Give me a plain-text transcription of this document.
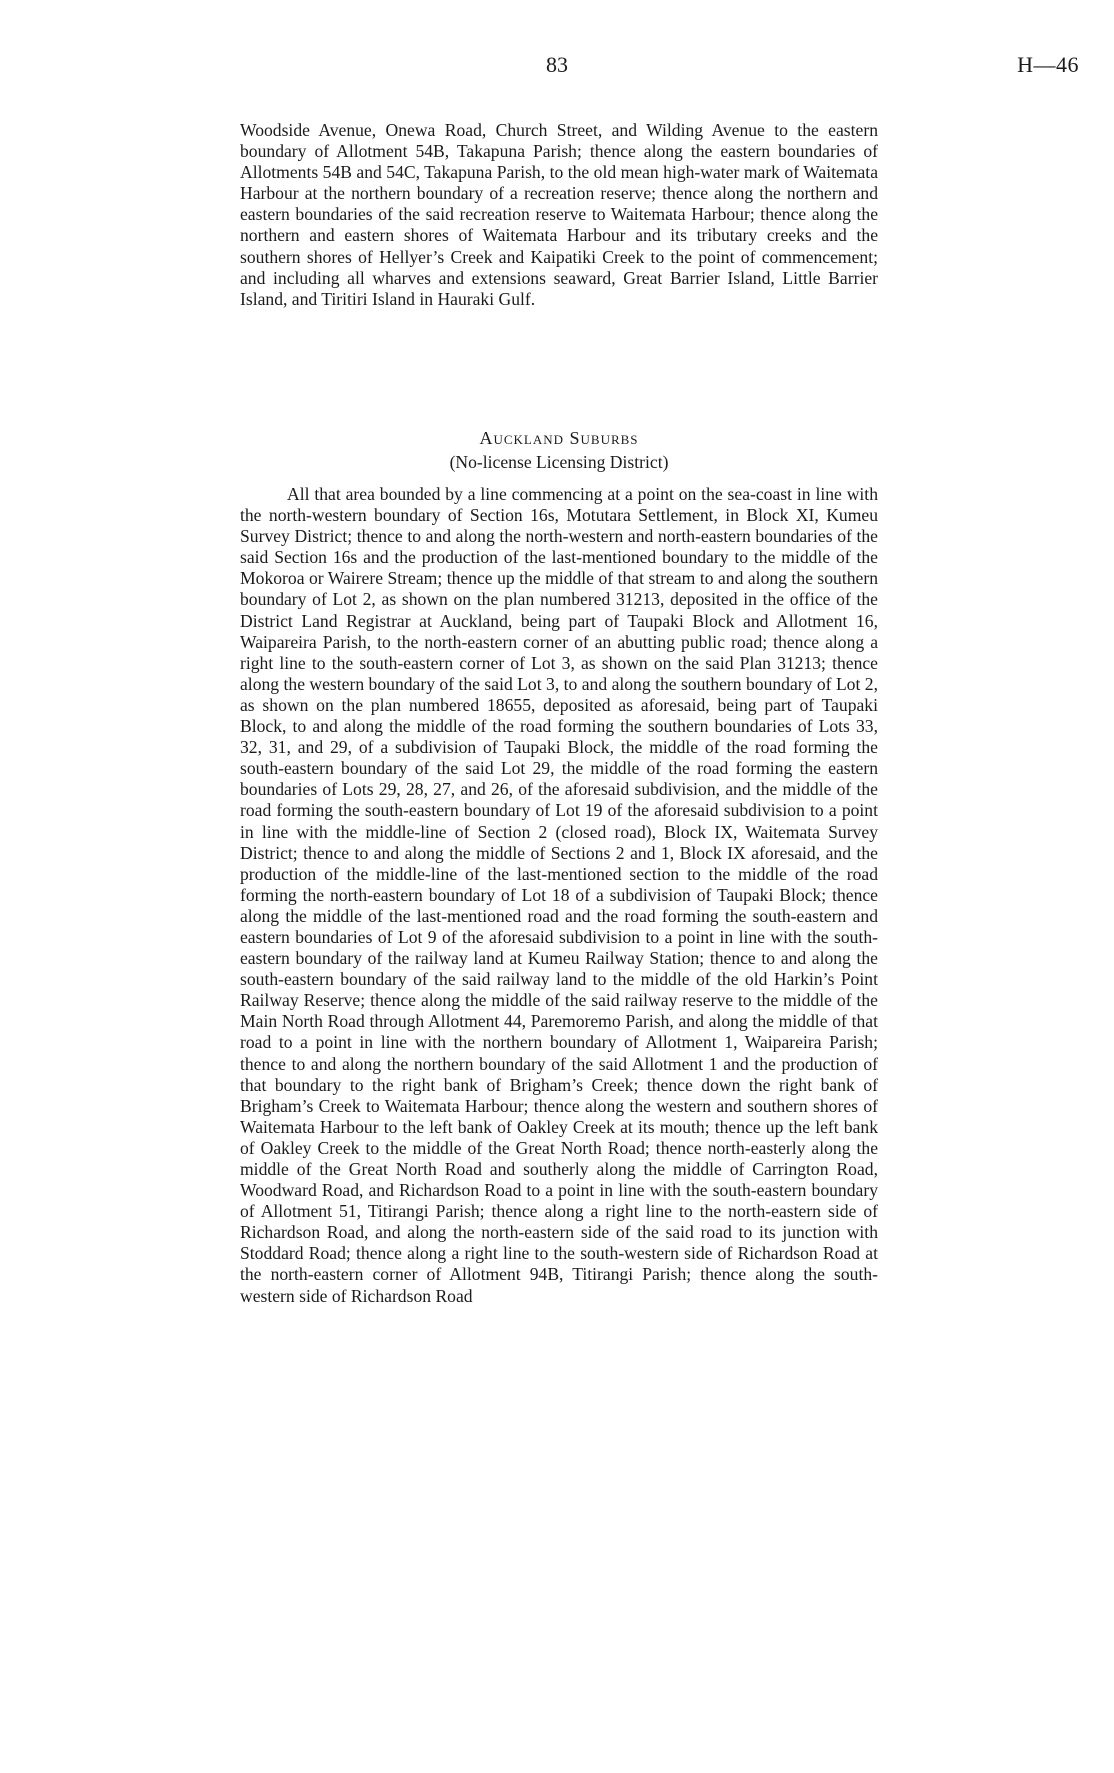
83	H—46

Woodside Avenue, Onewa Road, Church Street, and Wilding Avenue to the eastern boundary of Allotment 54B, Takapuna Parish; thence along the eastern boundaries of Allotments 54B and 54C, Takapuna Parish, to the old mean high-water mark of Waitemata Harbour at the northern boundary of a recreation reserve; thence along the northern and eastern boundaries of the said recreation reserve to Waitemata Harbour; thence along the northern and eastern shores of Waitemata Harbour and its tributary creeks and the southern shores of Hellyer’s Creek and Kaipatiki Creek to the point of commencement; and including all wharves and extensions seaward, Great Barrier Island, Little Barrier Island, and Tiritiri Island in Hauraki Gulf.

Auckland Suburbs
(No-license Licensing District)

All that area bounded by a line commencing at a point on the sea-coast in line with the north-western boundary of Section 16s, Motutara Settlement, in Block XI, Kumeu Survey District; thence to and along the north-western and north-eastern boundaries of the said Section 16s and the production of the last-mentioned boundary to the middle of the Mokoroa or Wairere Stream; thence up the middle of that stream to and along the southern boundary of Lot 2, as shown on the plan numbered 31213, deposited in the office of the District Land Registrar at Auckland, being part of Taupaki Block and Allotment 16, Waipareira Parish, to the north-eastern corner of an abutting public road; thence along a right line to the south-eastern corner of Lot 3, as shown on the said Plan 31213; thence along the western boundary of the said Lot 3, to and along the southern boundary of Lot 2, as shown on the plan numbered 18655, deposited as aforesaid, being part of Taupaki Block, to and along the middle of the road forming the southern boundaries of Lots 33, 32, 31, and 29, of a subdivision of Taupaki Block, the middle of the road forming the south-eastern boundary of the said Lot 29, the middle of the road forming the eastern boundaries of Lots 29, 28, 27, and 26, of the aforesaid subdivision, and the middle of the road forming the south-eastern boundary of Lot 19 of the aforesaid subdivision to a point in line with the middle-line of Section 2 (closed road), Block IX, Waitemata Survey District; thence to and along the middle of Sections 2 and 1, Block IX aforesaid, and the production of the middle-line of the last-mentioned section to the middle of the road forming the north-eastern boundary of Lot 18 of a subdivision of Taupaki Block; thence along the middle of the last-mentioned road and the road forming the south-eastern and eastern boundaries of Lot 9 of the aforesaid subdivision to a point in line with the south-eastern boundary of the railway land at Kumeu Railway Station; thence to and along the south-eastern boundary of the said railway land to the middle of the old Harkin’s Point Railway Reserve; thence along the middle of the said railway reserve to the middle of the Main North Road through Allotment 44, Paremoremo Parish, and along the middle of that road to a point in line with the northern boundary of Allotment 1, Waipareira Parish; thence to and along the northern boundary of the said Allotment 1 and the production of that boundary to the right bank of Brigham’s Creek; thence down the right bank of Brigham’s Creek to Waitemata Harbour; thence along the western and southern shores of Waitemata Harbour to the left bank of Oakley Creek at its mouth; thence up the left bank of Oakley Creek to the middle of the Great North Road; thence north-easterly along the middle of the Great North Road and southerly along the middle of Carrington Road, Woodward Road, and Richardson Road to a point in line with the south-eastern boundary of Allotment 51, Titirangi Parish; thence along a right line to the north-eastern side of Richardson Road, and along the north-eastern side of the said road to its junction with Stoddard Road; thence along a right line to the south-western side of Richardson Road at the north-eastern corner of Allotment 94B, Titirangi Parish; thence along the south-western side of Richardson Road
